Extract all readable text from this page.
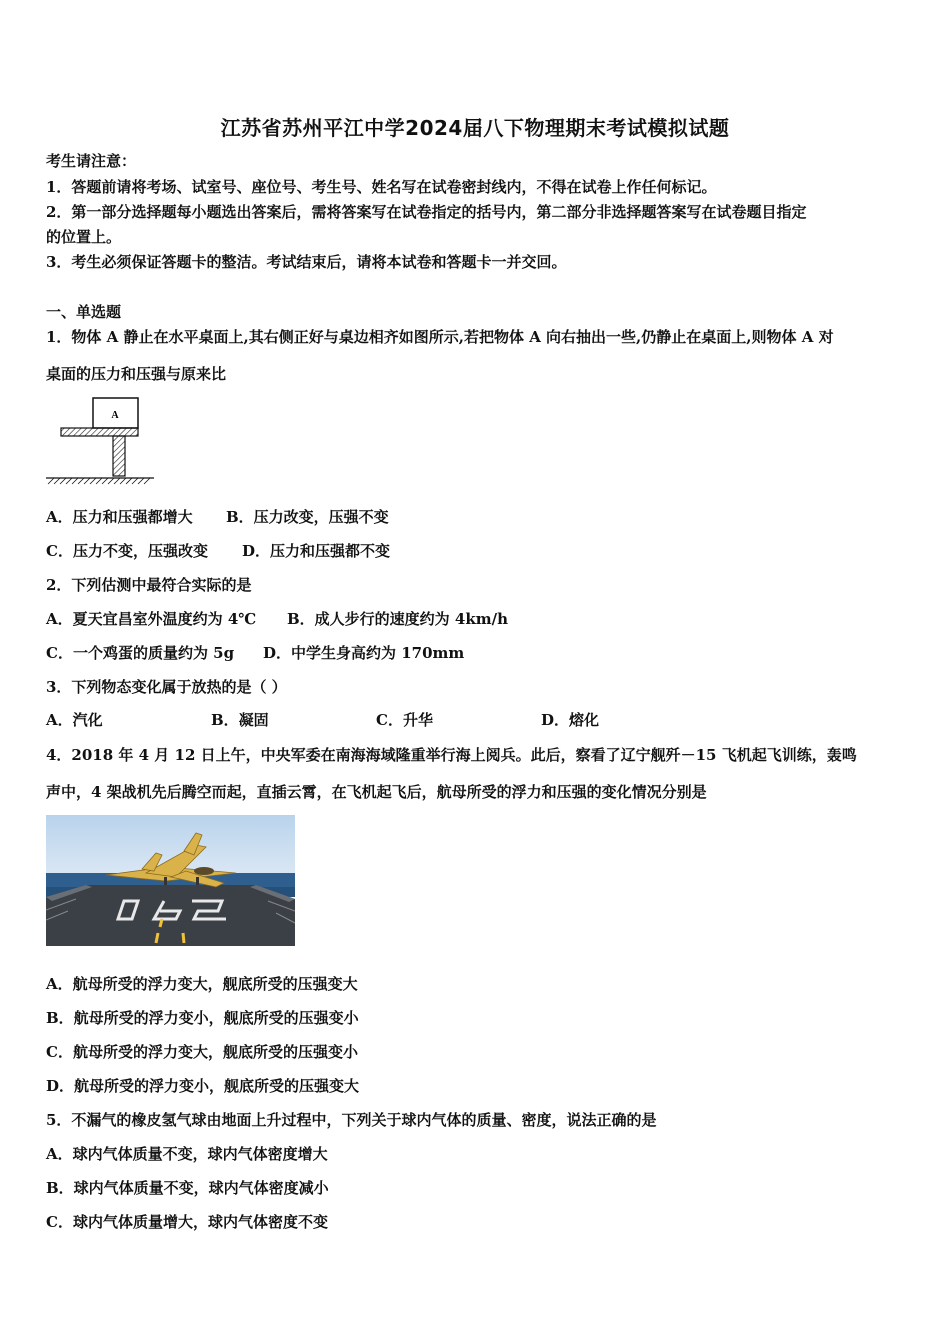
江苏省苏州平江中学2024届八下物理期末考试模拟试题
考生请注意：
1．答题前请将考场、试室号、座位号、考生号、姓名写在试卷密封线内，不得在试卷上作任何标记。
2．第一部分选择题每小题选出答案后，需将答案写在试卷指定的括号内，第二部分非选择题答案写在试卷题目指定
的位置上。
3．考生必须保证答题卡的整洁。考试结束后，请将本试卷和答题卡一并交回。
一、单选题
1．物体 A 静止在水平桌面上,其右侧正好与桌边相齐如图所示,若把物体 A 向右抽出一些,仍静止在桌面上,则物体 A 对
桌面的压力和压强与原来比
A
A．压力和压强都增大 B．压力改变，压强不变
C．压力不变，压强改变 D．压力和压强都不变
2．下列估测中最符合实际的是
A．夏天宜昌室外温度约为 4℃ B．成人步行的速度约为 4km/h
C．一个鸡蛋的质量约为 5g D．中学生身高约为 170mm
3．下列物态变化属于放热的是（ ）
A．汽化	B．凝固	C．升华	D．熔化
4．2018 年 4 月 12 日上午，中央军委在南海海域隆重举行海上阅兵。此后，察看了辽宁舰歼－15 飞机起飞训练，轰鸣
声中，4 架战机先后腾空而起，直插云霄，在飞机起飞后，航母所受的浮力和压强的变化情况分别是
A．航母所受的浮力变大，舰底所受的压强变大
B．航母所受的浮力变小，舰底所受的压强变小
C．航母所受的浮力变大，舰底所受的压强变小
D．航母所受的浮力变小，舰底所受的压强变大
5．不漏气的橡皮氢气球由地面上升过程中，下列关于球内气体的质量、密度，说法正确的是
A．球内气体质量不变，球内气体密度增大
B．球内气体质量不变，球内气体密度减小
C．球内气体质量增大，球内气体密度不变
